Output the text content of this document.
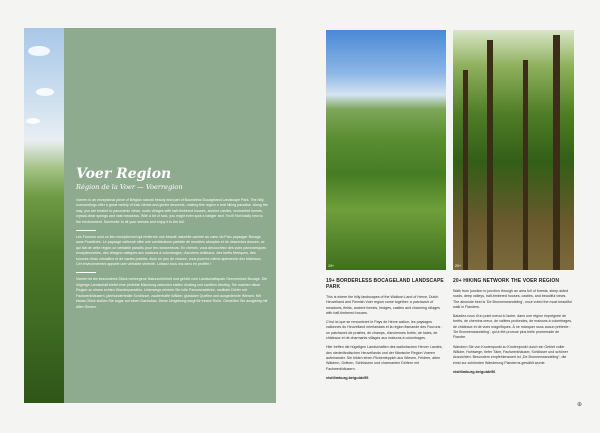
Voer Region

Région de la Voer — Voerregion

Voeren is an exceptional piece of Belgian natural beauty and part of Boundless Bocageland Landscape Park. The hilly surroundings offer a great variety of lush climbs and gentle descents, making this region a real hiking paradise. Along the way, you are treated to panoramic views, rustic villages with half-timbered houses, ancient castles, enchanted forests, crystal-clear springs and vast meadows. With a bit of luck, you might even spot a badger and. You'll find totally new to the environment. Surrender to all your senses and enjoy it to the full.

Les Fourons sont un lieu exceptionnel qui renferme une beauté naturelle cachée au cœur du Parc paysager Bocage sans Frontières. Le paysage vallonné offre une combinaison parfaite de montées abruptes et de descentes douces, ce qui fait de cette région un véritable paradis pour les randonneurs. En chemin, vous découvrirez des vues panoramiques exceptionnelles, des villages rustiques aux maisons à colombages, d'anciens châteaux, des forêts féeriques, des sources d'eau cristalline et de vastes prairies. Avec un peu de chance, vous pourrez même apercevoir des blaireaux. Cet environnement apporte une véritable sérénité. Laissez tous vos sens en profiter !

Voeren ist ein besonderes Stück verborgene Naturschönheit und gehört zum Landschaftspark Grenzenlose Bocage. Die hügelige Landschaft bietet eine perfekte Mischung zwischen steilen Anstieg und sanftem Abstieg. Sie machen diese Region zu einem echten Wanderparadies. Unterwegs erleben Sie tolle Panoramablicke, rustikale Dörfer mit Fachwerkhäusern, jahrhundertealte Schlösser, zauberhafte Wälder, glasklare Quellen und ausgedehnte Wiesen. Mit etwas Glück stoßen Sie sogar auf einen Dachsbau. Diese Umgebung sorgt für innere Ruhe. Genießen Sie ausgiebig mit allen Sinnen.

19+	20+

19+ BORDERLESS BOCAGELAND LANDSCAPE PARK

This is where the hilly landscapes of the Walloon Land of Herve, Dutch Heuvelland and Flemish Voer region come together: a patchwork of meadows, fields, ancient forests, hedges, castles and charming villages with half-timbered houses.

C'est ici que se rencontrent le Pays de Herve wallon, les paysages vallonnés du Heuvelland néerlandais et la région flamande des Fourons : un patchwork de prairies, de champs, d'anciennes forêts, de haies, de châteaux et de charmants villages aux maisons à colombages.

Hier treffen die hügeligen Landschaften des wallonischen Herver Landes, des niederländischen Heuvellands und der flämische Region Voeren aufeinander. Sie bilden einen Flickenteppich aus Wiesen, Feldern, alten Wäldern, Gräben, Schlössern und charmanten Dörfern mit Fachwerkhäusern.

visitlimburg.be/guide55

20+ HIKING NETWORK THE VOER REGION

Walk from junction to junction through an area full of forests, steep-sided roads, deep valleys, half-timbered houses, castles, and beautiful views. The absolute best is 'De Bronnenwandeling', once voted the most beautiful walk in Flanders.

Baladez-vous d'un point nœud à l'autre, dans une région imprégnée de forêts, de chemins creux, de vallées profondes, de maisons à colombages, de châteaux et de vues magnifiques. À ne manquer sous aucun prétexte : 'De Bronnenwandeling', qui a été promue plus belle promenade de Flandre.

Wandern Sie von Knotenpunkt zu Knotenpunkt durch ein Gebiet voller Wälder, Hohlwege, tiefer Täler, Fachwerkhäuser, Schlösser und schöner Aussichten. Besonders empfehlenswert ist „De Bronnenwandeling“, die einst zur schönsten Wanderung Flanderns gewählt wurde.

visitlimburg.be/guide56

⊕
